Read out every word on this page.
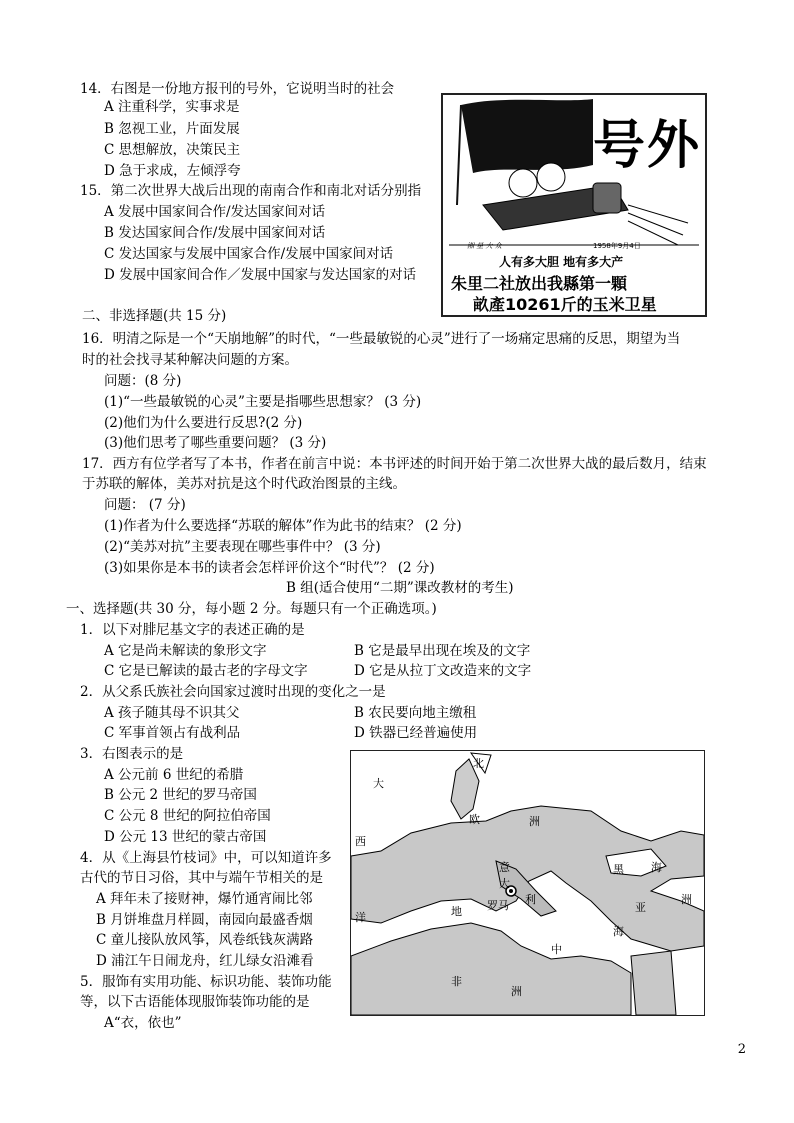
14．右图是一份地方报刊的号外，它说明当时的社会
A 注重科学，实事求是
B 忽视工业，片面发展
C 思想解放，决策民主
D 急于求成，左倾浮夸
15．第二次世界大战后出现的南南合作和南北对话分别指
A 发展中国家间合作/发达国家间对话
B 发达国家间合作/发展中国家间对话
C 发达国家与发展中国家合作/发展中国家间对话
D 发展中国家间合作／发展中国家与发达国家的对话
号外
湘 星 大 众	1958年9月4日
人有多大胆 地有多大产
朱里二社放出我縣第一顆
畝產10261斤的玉米卫星
二、非选择题(共 15 分)
16．明清之际是一个“天崩地解”的时代，“一些最敏锐的心灵”进行了一场痛定思痛的反思，期望为当
时的社会找寻某种解决问题的方案。
问题：(8 分)
(1)“一些最敏锐的心灵”主要是指哪些思想家？ (3 分)
(2)他们为什么要进行反思?(2 分)
(3)他们思考了哪些重要问题？ (3 分)
17．西方有位学者写了本书，作者在前言中说：本书评述的时间开始于第二次世界大战的最后数月，结束
于苏联的解体，美苏对抗是这个时代政治图景的主线。
问题： (7 分)
(1)作者为什么要选择“苏联的解体”作为此书的结束？ (2 分)
(2)“美苏对抗”主要表现在哪些事件中？ (3 分)
(3)如果你是本书的读者会怎样评价这个“时代”？ (2 分)
B 组(适合使用“二期”课改教材的考生)
一、选择题(共 30 分，每小题 2 分。每题只有一个正确选项。)
1．以下对腓尼基文字的表述正确的是
A 它是尚未解读的象形文字	B 它是最早出现在埃及的文字
C 它是已解读的最古老的字母文字	D 它是从拉丁文改造来的文字
2．从父系氏族社会向国家过渡时出现的变化之一是
A 孩子随其母不识其父	B 农民要向地主缴租
C 军事首领占有战利品	D 铁器已经普遍使用
3．右图表示的是
A 公元前 6 世纪的希腊
B 公元 2 世纪的罗马帝国
C 公元 8 世纪的阿拉伯帝国
D 公元 13 世纪的蒙古帝国
4．从《上海县竹枝词》中，可以知道许多
古代的节日习俗，其中与端午节相关的是
A 拜年未了接财神，爆竹通宵闹比邻
B 月饼堆盘月样圆，南园向最盛香烟
C 童儿接队放风筝，风卷纸钱灰满路
D 浦江午日闹龙舟，红儿绿女沿滩看
5．服饰有实用功能、标识功能、装饰功能
等，以下古语能体现服饰装饰功能的是
A“衣，依也”
北
大
西
洋
欧	洲
黑 海
亚
洲
意
大
利
罗马
地
中
海
非
洲
2
